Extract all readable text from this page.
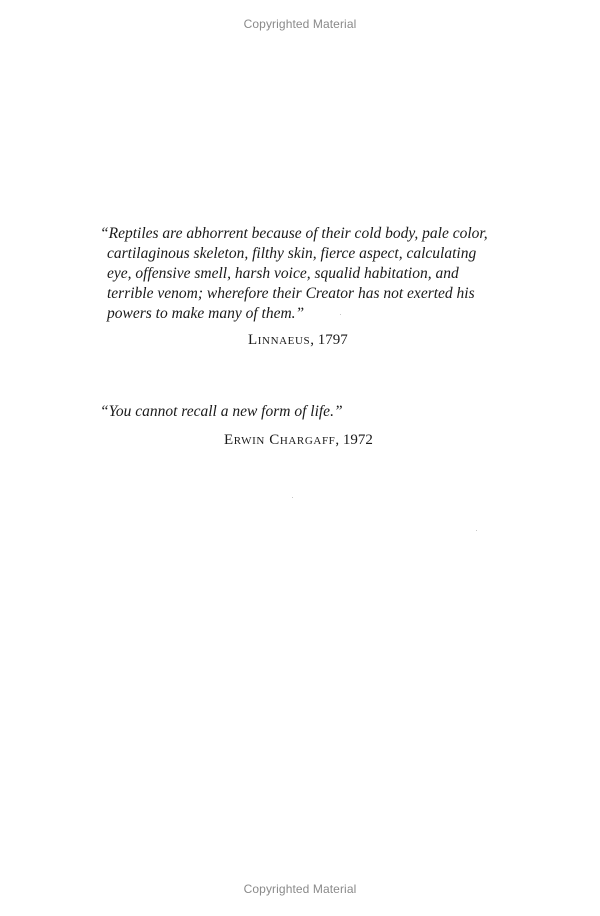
Copyrighted Material
“Reptiles are abhorrent because of their cold body, pale color,
cartilaginous skeleton, filthy skin, fierce aspect, calculating
eye, offensive smell, harsh voice, squalid habitation, and
terrible venom; wherefore their Creator has not exerted his
powers to make many of them.”
Linnaeus, 1797
“You cannot recall a new form of life.”
Erwin Chargaff, 1972
Copyrighted Material
